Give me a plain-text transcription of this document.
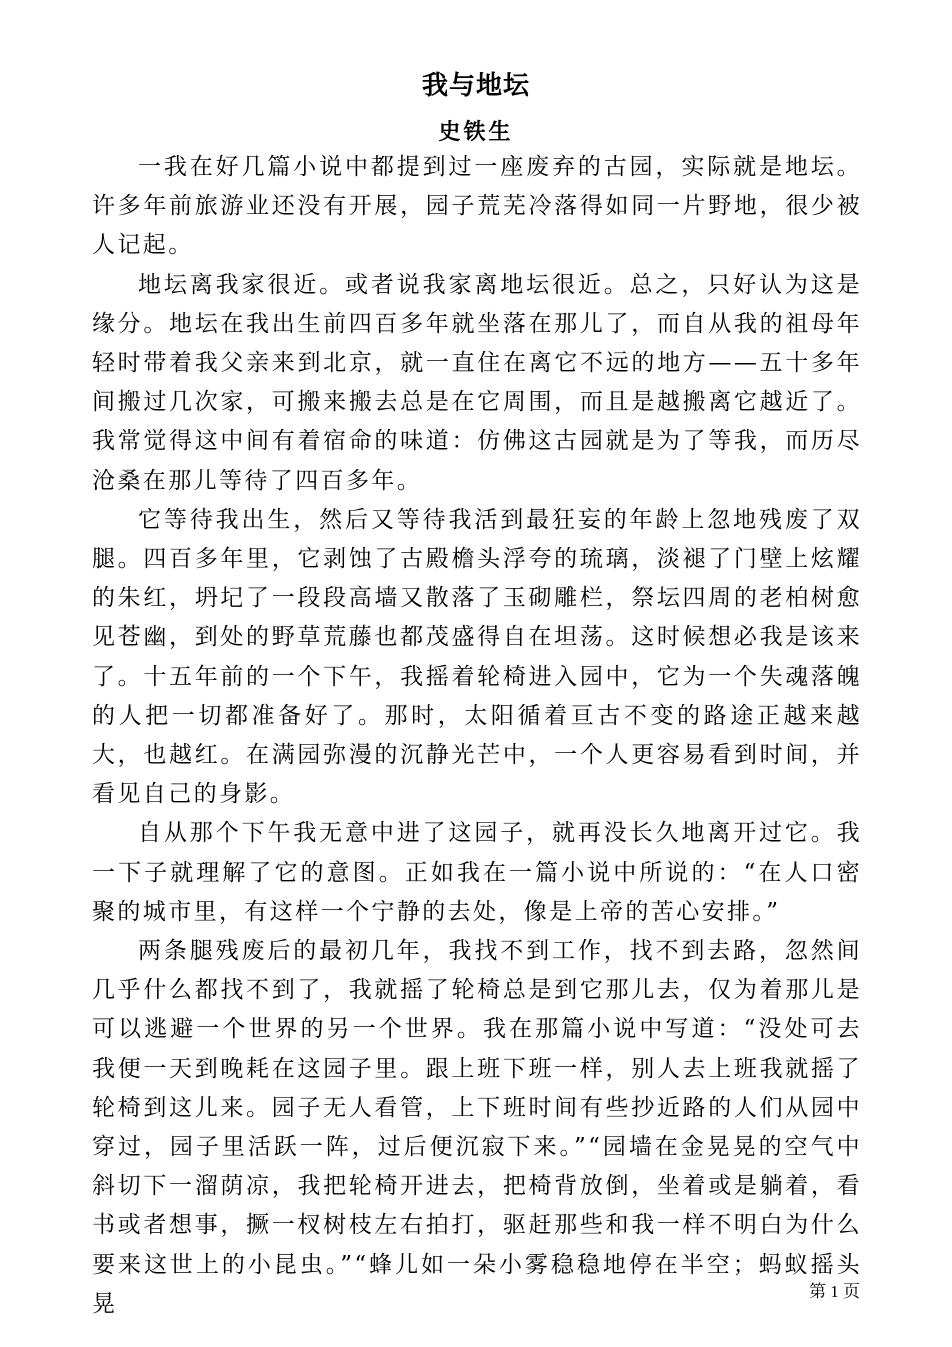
我与地坛
史铁生

一我在好几篇小说中都提到过一座废弃的古园，实际就是地坛。许多年前旅游业还没有开展，园子荒芜冷落得如同一片野地，很少被人记起。

地坛离我家很近。或者说我家离地坛很近。总之，只好认为这是缘分。地坛在我出生前四百多年就坐落在那儿了，而自从我的祖母年轻时带着我父亲来到北京，就一直住在离它不远的地方——五十多年间搬过几次家，可搬来搬去总是在它周围，而且是越搬离它越近了。我常觉得这中间有着宿命的味道：仿佛这古园就是为了等我，而历尽沧桑在那儿等待了四百多年。

它等待我出生，然后又等待我活到最狂妄的年龄上忽地残废了双腿。四百多年里，它剥蚀了古殿檐头浮夸的琉璃，淡褪了门壁上炫耀的朱红，坍圮了一段段高墙又散落了玉砌雕栏，祭坛四周的老柏树愈见苍幽，到处的野草荒藤也都茂盛得自在坦荡。这时候想必我是该来了。十五年前的一个下午，我摇着轮椅进入园中，它为一个失魂落魄的人把一切都准备好了。那时，太阳循着亘古不变的路途正越来越大，也越红。在满园弥漫的沉静光芒中，一个人更容易看到时间，并看见自己的身影。

自从那个下午我无意中进了这园子，就再没长久地离开过它。我一下子就理解了它的意图。正如我在一篇小说中所说的：“在人口密聚的城市里，有这样一个宁静的去处，像是上帝的苦心安排。”

两条腿残废后的最初几年，我找不到工作，找不到去路，忽然间几乎什么都找不到了，我就摇了轮椅总是到它那儿去，仅为着那儿是可以逃避一个世界的另一个世界。我在那篇小说中写道：“没处可去我便一天到晚耗在这园子里。跟上班下班一样，别人去上班我就摇了轮椅到这儿来。园子无人看管，上下班时间有些抄近路的人们从园中穿过，园子里活跃一阵，过后便沉寂下来。”“园墙在金晃晃的空气中斜切下一溜荫凉，我把轮椅开进去，把椅背放倒，坐着或是躺着，看书或者想事，撅一杈树枝左右拍打，驱赶那些和我一样不明白为什么要来这世上的小昆虫。”“蜂儿如一朵小雾稳稳地停在半空；蚂蚁摇头晃	第 1 页
